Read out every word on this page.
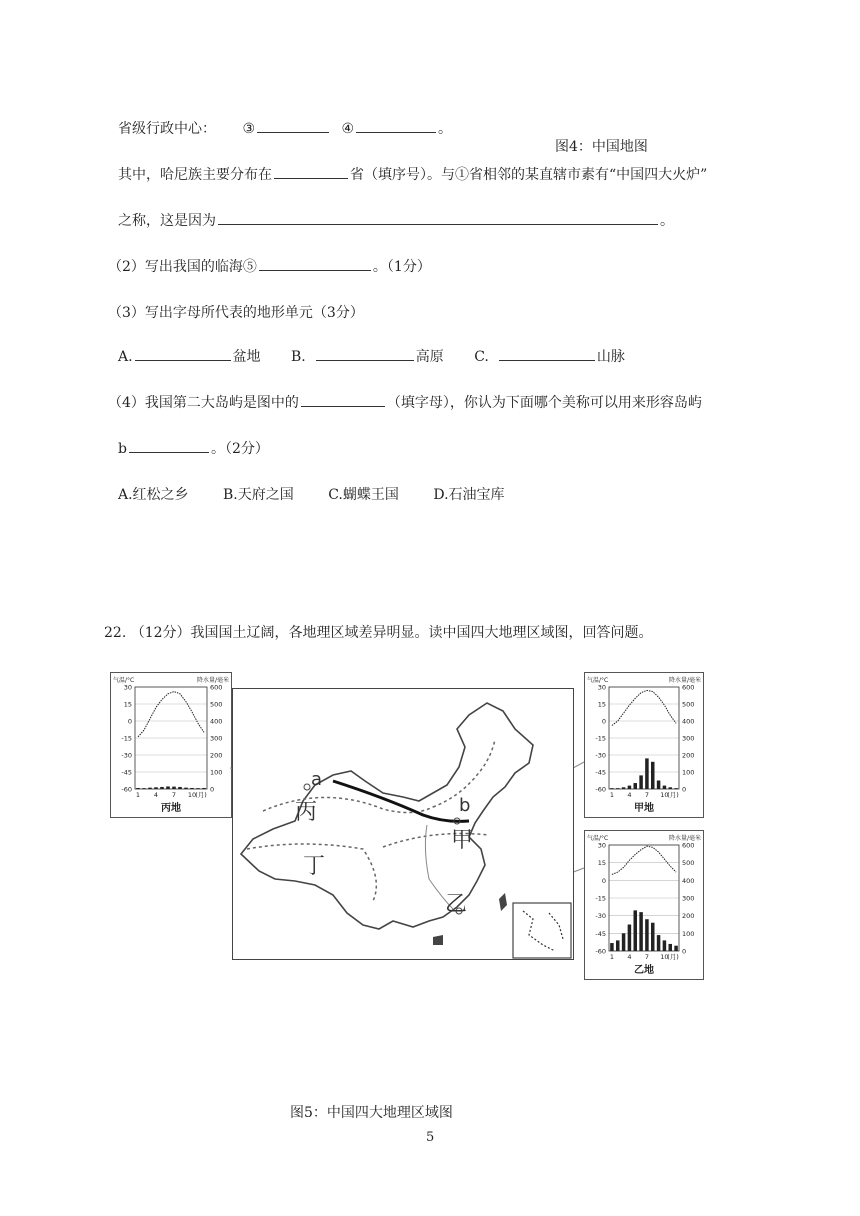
省级行政中心： ③	④	。
图4：中国地图
其中，哈尼族主要分布在	省（填序号）。与①省相邻的某直辖市素有“中国四大火炉”
之称，这是因为	。
（2）写出我国的临海⑤	。（1分）
（3）写出字母所代表的地形单元（3分）
A.	盆地 B.	高原 C.	山脉
（4）我国第二大岛屿是图中的	（填字母），你认为下面哪个美称可以用来形容岛屿
b	。（2分）
A.红松之乡 B.天府之国 C.蝴蝶王国 D.石油宝库
22. （12分）我国国土辽阔，各地理区域差异明显。读中国四大地理区域图，回答问题。
气温/°C	降水量/毫米
30	600
15	500
0	400
-15	300
-30	200
-45	100
-60	0
1 4 7 10 (月)
丙地
气温/°C	降水量/毫米
30	600
15	500
0	400
-15	300
-30	200
-45	100
-60	0
1 4 7 10
(月)
甲地
气温/°C	降水量/毫米
30	600
15	500
0	400
-15	300
-30	200
-45	100
-60	0
1 4 7 10
(月)
乙地
a
b
丙
甲
丁
乙
图5：中国四大地理区域图
5
